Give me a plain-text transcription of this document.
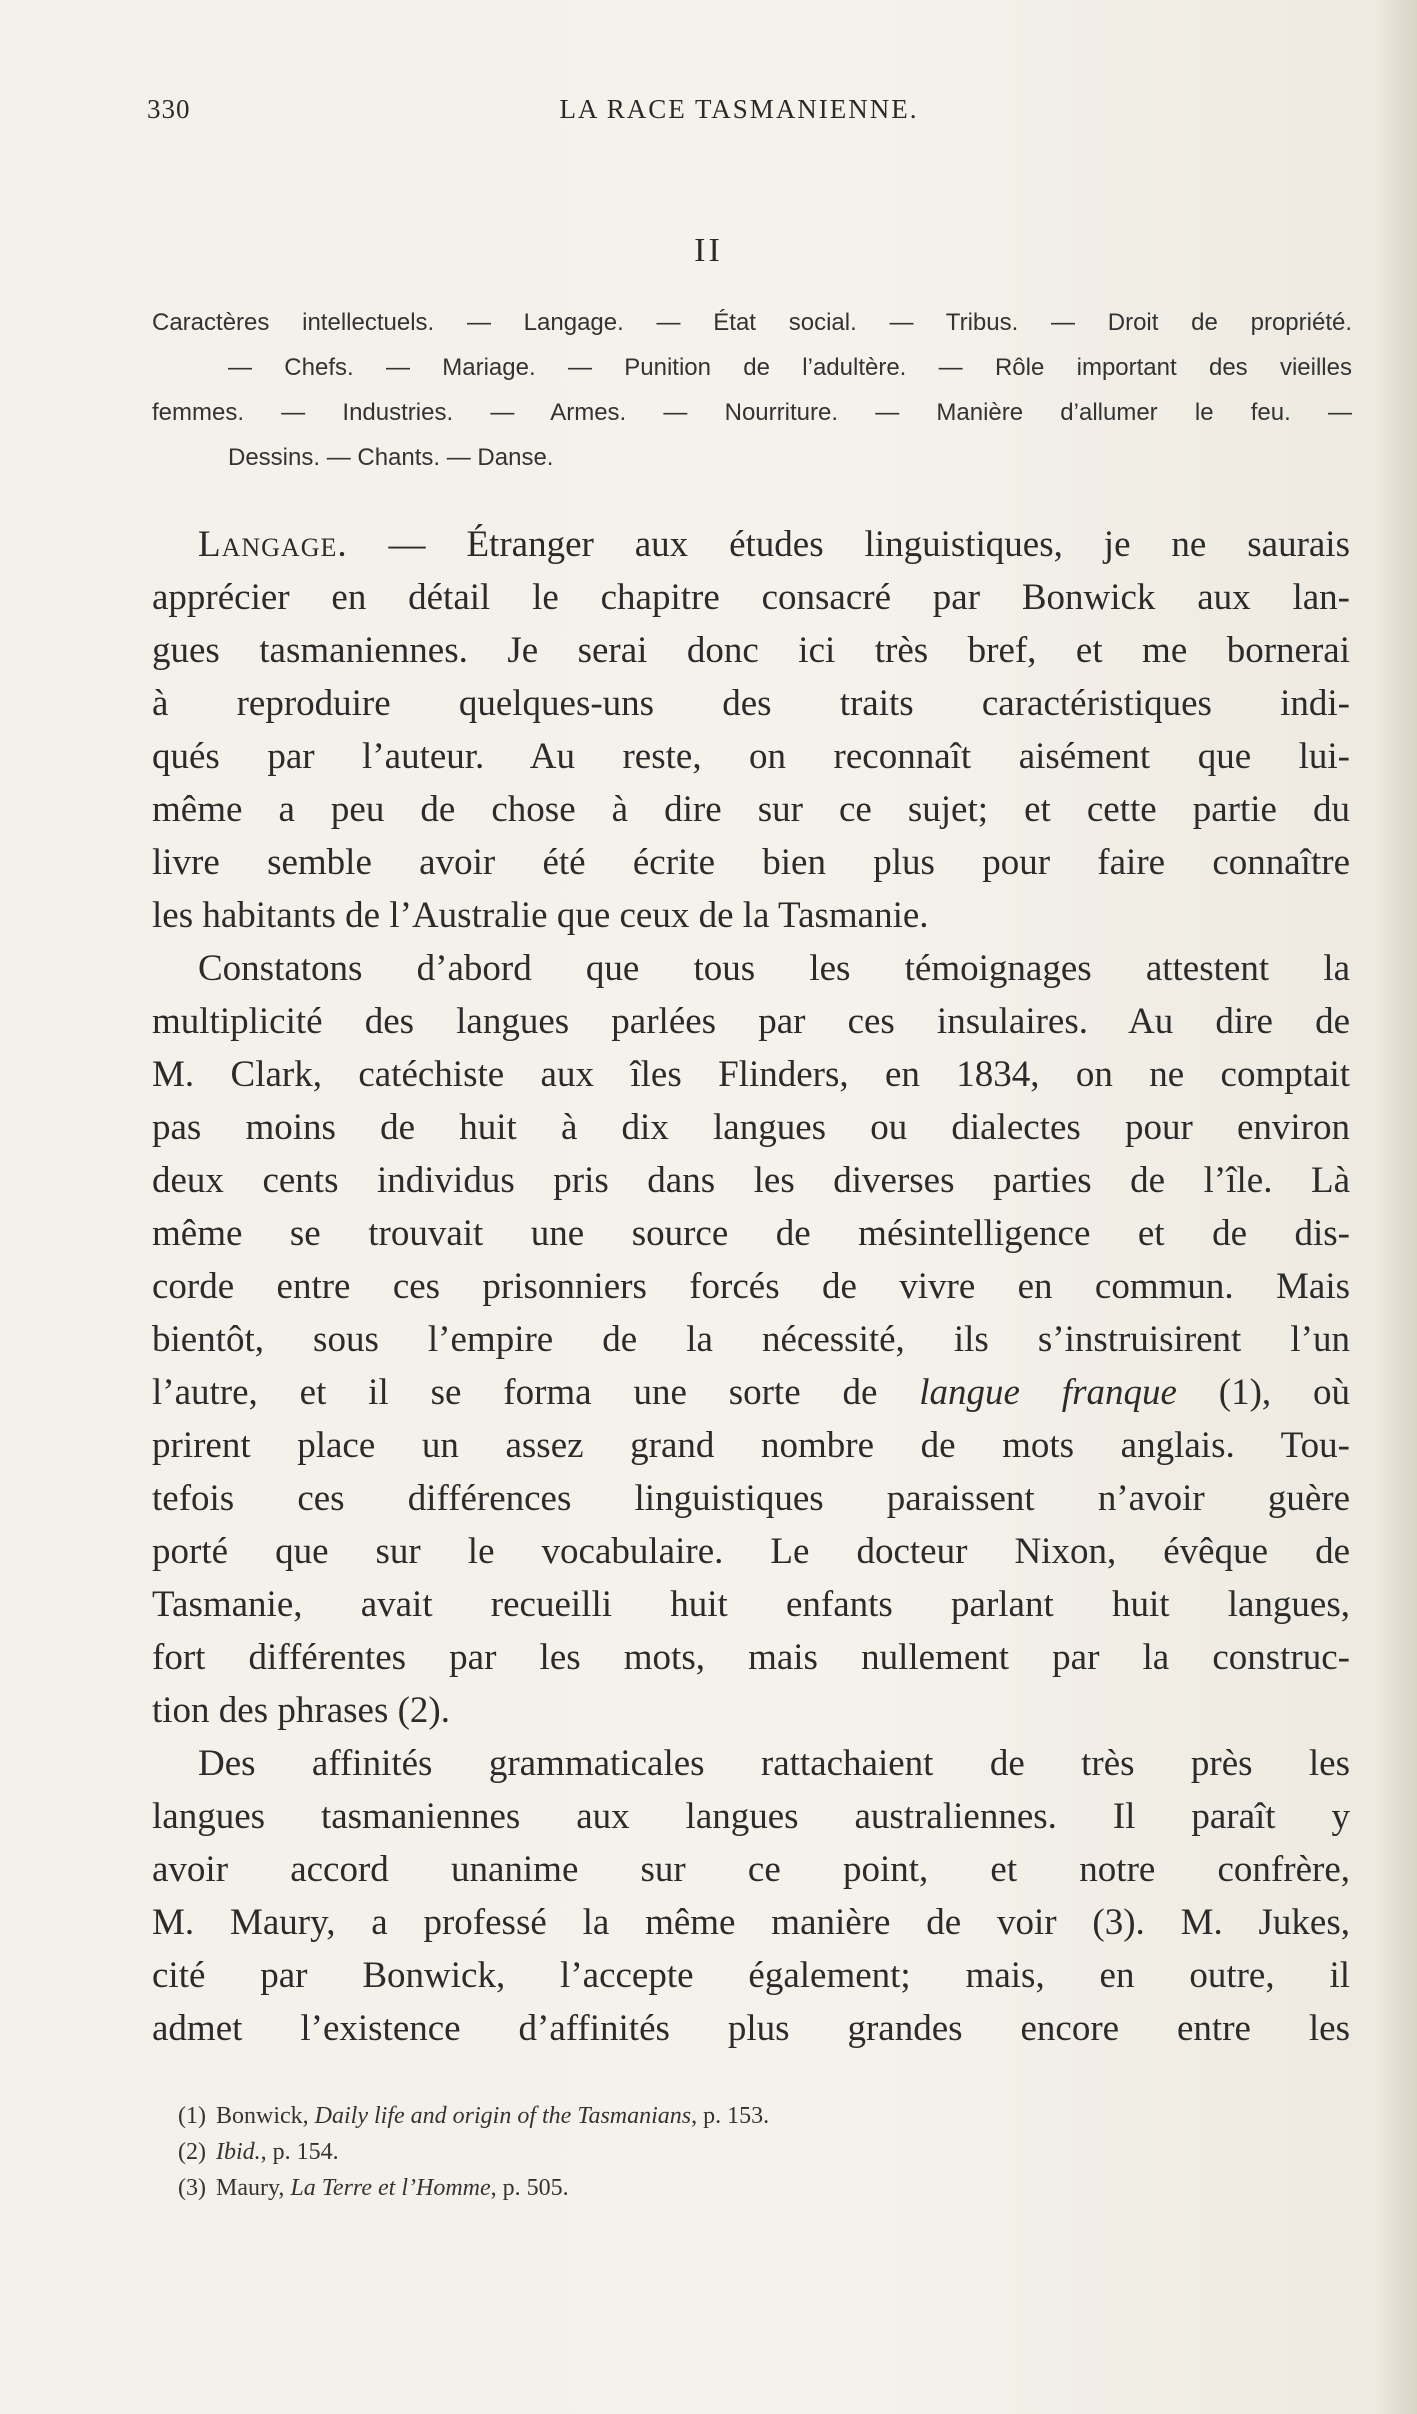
330	LA RACE TASMANIENNE.
II
Caractères intellectuels. — Langage. — État social. — Tribus. — Droit de propriété.
— Chefs. — Mariage. — Punition de l’adultère. — Rôle important des vieilles
femmes. — Industries. — Armes. — Nourriture. — Manière d’allumer le feu. —
Dessins. — Chants. — Danse.
Langage. — Étranger aux études linguistiques, je ne saurais
apprécier en détail le chapitre consacré par Bonwick aux lan-
gues tasmaniennes. Je serai donc ici très bref, et me bornerai
à reproduire quelques-uns des traits caractéristiques indi-
qués par l’auteur. Au reste, on reconnaît aisément que lui-
même a peu de chose à dire sur ce sujet; et cette partie du
livre semble avoir été écrite bien plus pour faire connaître
les habitants de l’Australie que ceux de la Tasmanie.
Constatons d’abord que tous les témoignages attestent la
multiplicité des langues parlées par ces insulaires. Au dire de
M. Clark, catéchiste aux îles Flinders, en 1834, on ne comptait
pas moins de huit à dix langues ou dialectes pour environ
deux cents individus pris dans les diverses parties de l’île. Là
même se trouvait une source de mésintelligence et de dis-
corde entre ces prisonniers forcés de vivre en commun. Mais
bientôt, sous l’empire de la nécessité, ils s’instruisirent l’un
l’autre, et il se forma une sorte de langue franque (1), où
prirent place un assez grand nombre de mots anglais. Tou-
tefois ces différences linguistiques paraissent n’avoir guère
porté que sur le vocabulaire. Le docteur Nixon, évêque de
Tasmanie, avait recueilli huit enfants parlant huit langues,
fort différentes par les mots, mais nullement par la construc-
tion des phrases (2).
Des affinités grammaticales rattachaient de très près les
langues tasmaniennes aux langues australiennes. Il paraît y
avoir accord unanime sur ce point, et notre confrère,
M. Maury, a professé la même manière de voir (3). M. Jukes,
cité par Bonwick, l’accepte également; mais, en outre, il
admet l’existence d’affinités plus grandes encore entre les
(1) Bonwick, Daily life and origin of the Tasmanians, p. 153.
(2) Ibid., p. 154.
(3) Maury, La Terre et l’Homme, p. 505.
